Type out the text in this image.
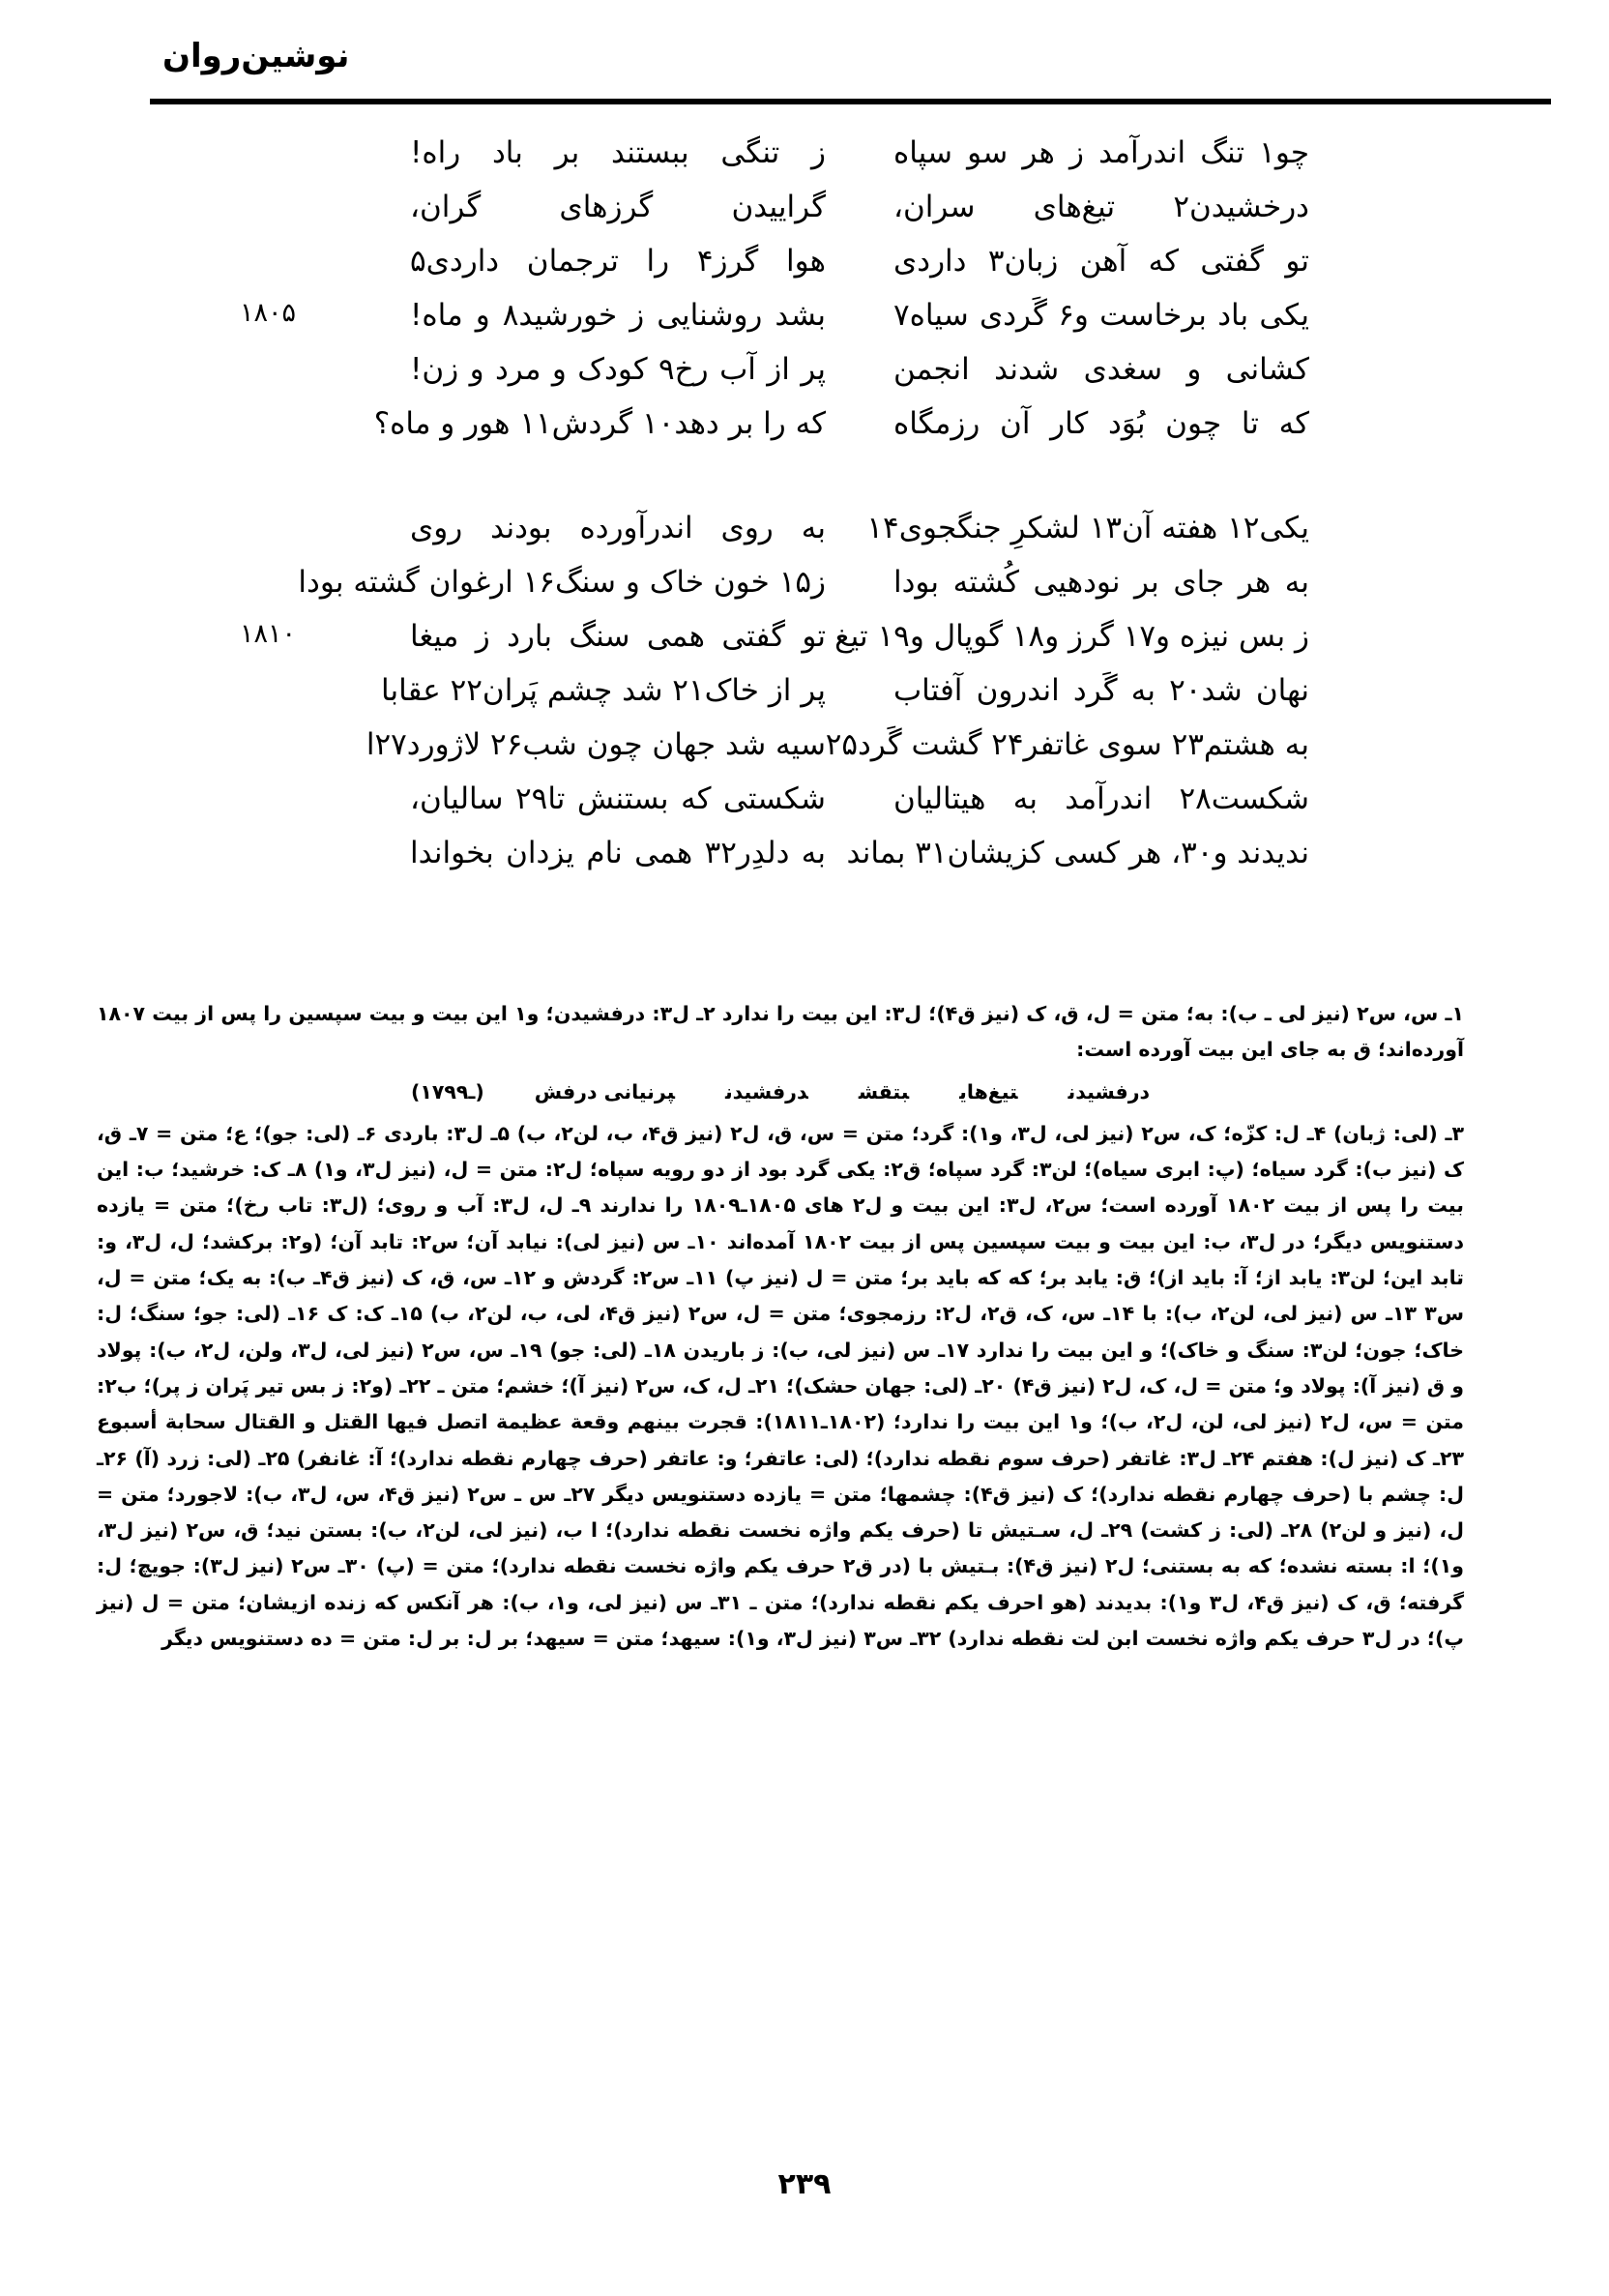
نوشین‌روان
چو۱ تنگ اندرآمد ز هر سو سپاه
ز تنگی ببستند بر باد راه!
درخشیدن۲ تیغ‌های سران،
گرایيدن گرزهای گران،
تو گفتی که آهن زبان۳ داردی
هوا گرز۴ را ترجمان داردی۵
۱۸۰۵	یکی باد برخاست و۶ گَردی سیاه۷
بشد روشنایی ز خورشید۸ و ماه!
کشانی و سغدی شدند انجمن
پر از آب رخ۹ کودک و مرد و زن!
که تا چون بُوَد کار آن رزمگاه
که را بر دهد۱۰ گردش۱۱ هور و ماه؟
یکی۱۲ هفته آن۱۳ لشکرِ جنگجوی۱۴
به روی اندرآورده بودند روی
به هر جای بر نودهیی کُشته بودا
ز۱۵ خون خاک و سنگ۱۶ ارغوان گشته بودا
۱۸۱۰	ز بس نیزه و۱۷ گرز و۱۸ گوپال و۱۹ تیغ
تو گفتی همی سنگ بارد ز میغا
نهان شد۲۰ به گَرد اندرون آفتاب
پر از خاک۲۱ شد چشم پَران۲۲ عقابا
به هشتم۲۳ سوی غاتفر۲۴ گشت گَرد۲۵
سیه شد جهان چون شب۲۶ لاژورد۲۷ا
شکست۲۸ اندرآمد به هیتالیان
شکستی که بستنش تا۲۹ سالیان،
ندیدند و۳۰، هر کسی کزیشان۳۱ بماند
به دلدِر۳۲ همی نام یزدان بخواندا
۱ـ س، س۲ (نیز لی ـ ب): به؛ متن = ل، ق، ک (نیز ق۴)؛ ل۳: این بیت را ندارد ۲ـ ل۳: درفشیدن؛ و۱ این بیت و بیت سپسین را پس از بیت ۱۸۰۷ آورده‌اند؛ ق به جای این بیت آورده است:
درفشیدنتیغ‌هایبتقشدرفشیدنپرنیانی درفش(ـ۱۷۹۹)
۳ـ (لی: ژبان) ۴ـ ل: کزّه؛ ک، س۲ (نیز لی، ل۳، و۱): گرد؛ متن = س، ق، ل۲ (نیز ق۴، ب، لن۲، ب) ۵ـ ل۳: باردی ۶ـ (لی: جو)؛ ع؛ متن = ۷ـ ق، ک (نیز ب): گرد سیاه؛ (پ: ابری سیاه)؛ لن۳: گرد سپاه؛ ق۲: یکی گرد بود از دو رویه سپاه؛ ل۲: متن = ل، (نیز ل۳، و۱) ۸ـ ک: خرشید؛ ب: این بیت را پس از بیت ۱۸۰۲ آورده است؛ س۲، ل۳: این بیت و ل۲ های ۱۸۰۵ـ۱۸۰۹ را ندارند ۹ـ ل، ل۳: آب و روی؛ (ل۳: تاب رخ)؛ متن = یازده دستنویس دیگر؛ در ل۳، ب: این بیت و بیت سپسین پس از بیت ۱۸۰۲ آمده‌اند ۱۰ـ س (نیز لی): نیابد آن؛ س۲: تابد آن؛ (و۲: برکشد؛ ل، ل۳، و: تابد این؛ لن۳: یابد از؛ آ: باید از)؛ ق: یابد بر؛ که که باید بر؛ متن = ل (نیز پ) ۱۱ـ س۲: گردش و ۱۲ـ س، ق، ک (نیز ق۴ـ ب): به یک؛ متن = ل، س۳ ۱۳ـ س (نیز لی، لن۲، ب): با ۱۴ـ س، ک، ق۲، ل۲: رزمجوی؛ متن = ل، س۲ (نیز ق۴، لی، ب، لن۲، ب) ۱۵ـ ک: ک ۱۶ـ (لی: جو؛ سنگ؛ ل: خاک؛ جون؛ لن۳: سنگ و خاک)؛ و این بیت را ندارد ۱۷ـ س (نیز لی، ب): ز باریدن ۱۸ـ (لی: جو) ۱۹ـ س، س۲ (نیز لی، ل۳، ولن، ل۲، ب): پولاد و ق (نیز آ): پولاد و؛ متن = ل، ک، ل۲ (نیز ق۴) ۲۰ـ (لی: جهان حشک)؛ ۲۱ـ ل، ک، س۲ (نیز آ)؛ خشم؛ متن ـ ۲۲ـ (و۲: ز بس تیر پَران ز پر)؛ ب۲: متن = س، ل۲ (نیز لی، لن، ل۲، ب)؛ و۱ این بیت را ندارد؛ (۱۸۰۲ـ۱۸۱۱): قجرت بینهم وقعة عظیمة اتصل فیها القتل و القتال سحابة أسبوع ۲۳ـ ک (نیز ل): هفتم ۲۴ـ ل۳: غاتفر (حرف سوم نقطه ندارد)؛ (لی: عاتفر؛ و: عاتفر (حرف چهارم نقطه ندارد)؛ آ: غانفر) ۲۵ـ (لی: زرد (آ) ۲۶ـ ل: چشم با (حرف چهارم نقطه ندارد)؛ ک (نیز ق۴): چشمها؛ متن = یازده دستنویس دیگر ۲۷ـ س ـ س۲ (نیز ق۴، س، ل۳، ب): لاجورد؛ متن = ل، (نیز و لن۲) ۲۸ـ (لی: ز کشت) ۲۹ـ ل، سـتیش تا (حرف یکم واژه‌ نخست نقطه ندارد)؛ ا ب، (نیز لی، لن۲، ب): بستن نید؛ ق، س۲ (نیز ل۳، و۱)؛ ا: بسته نشده؛ که به بستنی؛ ل۲ (نیز ق۴): بـتیش با (در ق۲ حرف یکم واژه‌ نخست نقطه ندارد)؛ متن = (پ) ۳۰ـ س۲ (نیز ل۳): جویچ؛ ل: گرفته؛ ق، ک (نیز ق۴، ل۳ و۱): بدیدند (هو احرف یکم نقطه ندارد)؛ متن ـ ۳۱ـ س (نیز لی، و۱، ب): هر آنکس که زنده ازیشان؛ متن = ل (نیز پ)؛ در ل۳ حرف یکم واژه‌ نخست ابن لت نقطه ندارد) ۳۲ـ س۳ (نیز ل۳، و۱): سیهد؛ متن = سیهد؛ بر ل: بر ل: متن = ده دستنویس دیگر
۲۳۹
